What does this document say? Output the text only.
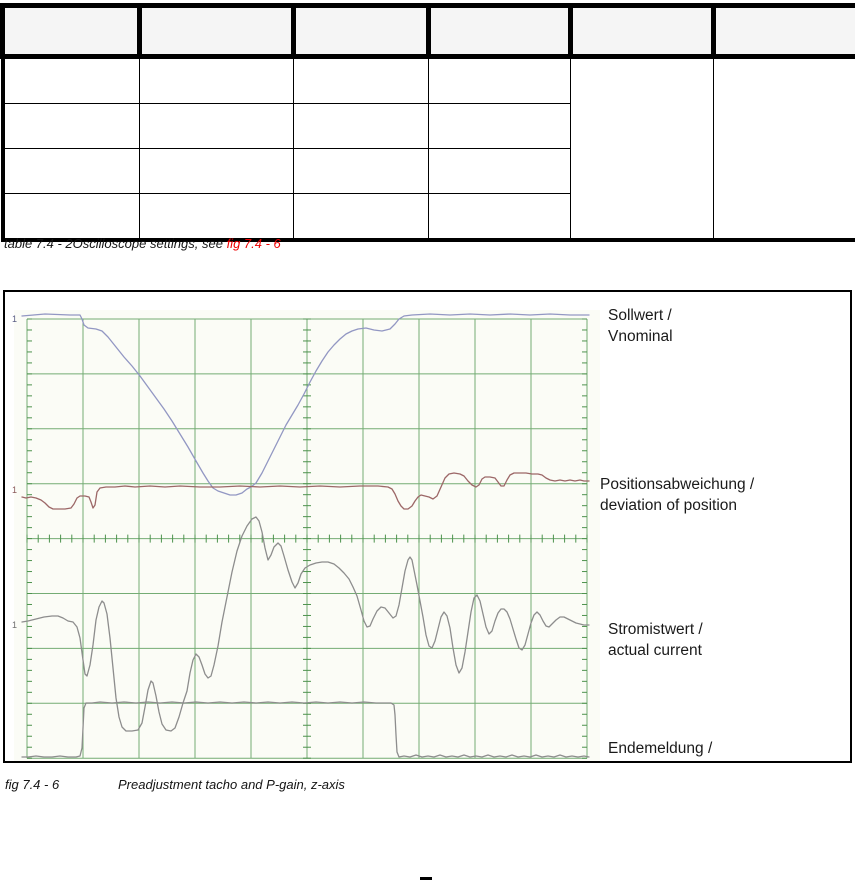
table 7.4 - 2Oscilloscope settings, see fig 7.4 - 6

1
1
1
Sollwert /
Vnominal
Positionsabweichung /
deviation of position
Stromistwert /
actual current
Endemeldung /

fig 7.4 - 6	Preadjustment tacho and P-gain, z-axis
